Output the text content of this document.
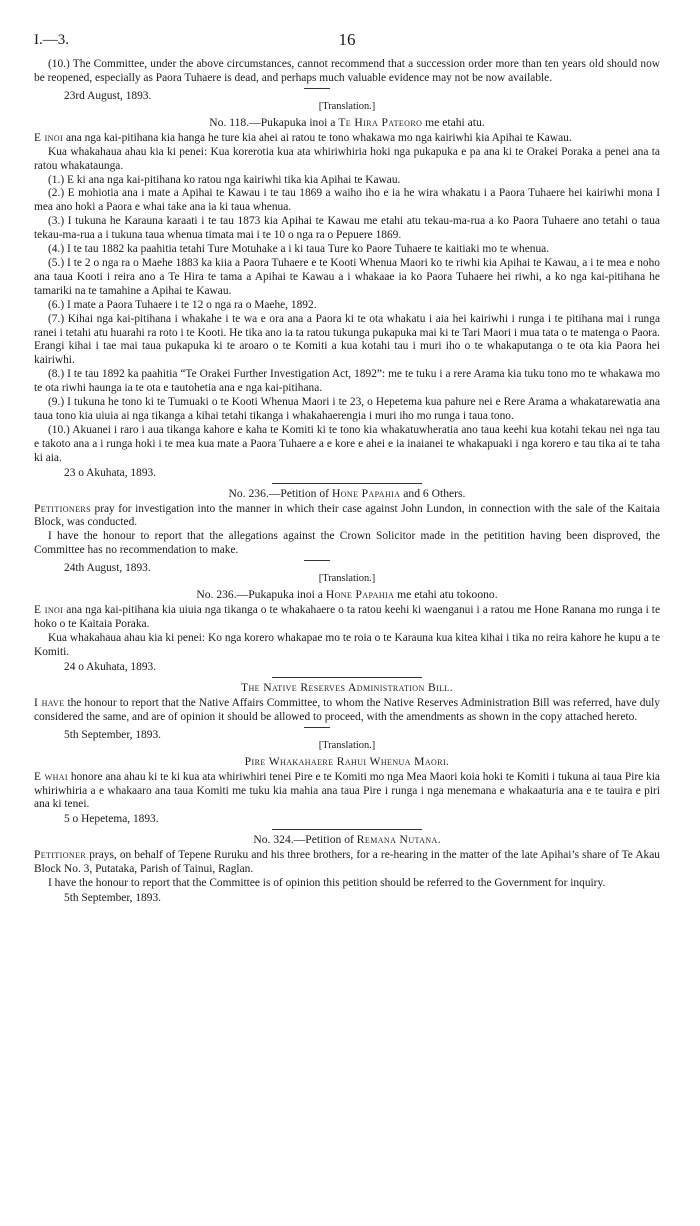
I.—3.	16

(10.) The Committee, under the above circumstances, cannot recommend that a succession order more than ten years old should now be reopened, especially as Paora Tuhaere is dead, and perhaps much valuable evidence may not be now available.

23rd August, 1893.
[Translation.]
No. 118.—Pukapuka inoi a Te Hira Pateoro me etahi atu.

E inoi ana nga kai-pitihana kia hanga he ture kia ahei ai ratou te tono whakawa mo nga kairiwhi kia Apihai te Kawau.

Kua whakahaua ahau kia ki penei: Kua korerotia kua ata whiriwhiria hoki nga pukapuka e pa ana ki te Orakei Poraka a penei ana ta ratou whakataunga.

(1.) E ki ana nga kai-pitihana ko ratou nga kairiwhi tika kia Apihai te Kawau.

(2.) E mohiotia ana i mate a Apihai te Kawau i te tau 1869 a waiho iho e ia he wira whakatu i a Paora Tuhaere hei kairiwhi mona I mea ano hoki a Paora e whai take ana ia ki taua whenua.

(3.) I tukuna he Karauna karaati i te tau 1873 kia Apihai te Kawau me etahi atu tekau-ma-rua a ko Paora Tuhaere ano tetahi o taua tekau-ma-rua a i tukuna taua whenua timata mai i te 10 o nga ra o Pepuere 1869.

(4.) I te tau 1882 ka paahitia tetahi Ture Motuhake a i ki taua Ture ko Paore Tuhaere te kaitiaki mo te whenua.

(5.) I te 2 o nga ra o Maehe 1883 ka kiia a Paora Tuhaere e te Kooti Whenua Maori ko te riwhi kia Apihai te Kawau, a i te mea e noho ana taua Kooti i reira ano a Te Hira te tama a Apihai te Kawau a i whakaae ia ko Paora Tuhaere hei riwhi, a ko nga kai-pitihana he tamariki na te tamahine a Apihai te Kawau.

(6.) I mate a Paora Tuhaere i te 12 o nga ra o Maehe, 1892.

(7.) Kihai nga kai-pitihana i whakahe i te wa e ora ana a Paora ki te ota whakatu i aia hei kairiwhi i runga i te pitihana mai i runga ranei i tetahi atu huarahi ra roto i te Kooti. He tika ano ia ta ratou tukunga pukapuka mai ki te Tari Maori i mua tata o te matenga o Paora. Erangi kihai i tae mai taua pukapuka ki te aroaro o te Komiti a kua kotahi tau i muri iho o te whakaputanga o te ota kia Paora hei kairiwhi.

(8.) I te tau 1892 ka paahitia “Te Orakei Further Investigation Act, 1892”: me te tuku i a rere Arama kia tuku tono mo te whakawa mo te ota riwhi haunga ia te ota e tautohetia ana e nga kai-pitihana.

(9.) I tukuna he tono ki te Tumuaki o te Kooti Whenua Maori i te 23, o Hepetema kua pahure nei e Rere Arama a whakatarewatia ana taua tono kia uiuia ai nga tikanga a kihai tetahi tikanga i whakahaerengia i muri iho mo runga i taua tono.

(10.) Akuanei i raro i aua tikanga kahore e kaha te Komiti ki te tono kia whakatuwheratia ano taua keehi kua kotahi tekau nei nga tau e takoto ana a i runga hoki i te mea kua mate a Paora Tuhaere a e kore e ahei e ia inaianei te whakapuaki i nga korero e tau tika ai te taha ki aia.

23 o Akuhata, 1893.
No. 236.—Petition of Hone Papahia and 6 Others.

Petitioners pray for investigation into the manner in which their case against John Lundon, in connection with the sale of the Kaitaia Block, was conducted.

I have the honour to report that the allegations against the Crown Solicitor made in the petitition having been disproved, the Committee has no recommendation to make.

24th August, 1893.
[Translation.]
No. 236.—Pukapuka inoi a Hone Papahia me etahi atu tokoono.

E inoi ana nga kai-pitihana kia uiuia nga tikanga o te whakahaere o ta ratou keehi ki waenganui i a ratou me Hone Ranana mo runga i te hoko o te Kaitaia Poraka.

Kua whakahaua ahau kia ki penei: Ko nga korero whakapae mo te roia o te Karauna kua kitea kihai i tika no reira kahore he kupu a te Komiti.

24 o Akuhata, 1893.
The Native Reserves Administration Bill.

I have the honour to report that the Native Affairs Committee, to whom the Native Reserves Administration Bill was referred, have duly considered the same, and are of opinion it should be allowed to proceed, with the amendments as shown in the copy attached hereto.

5th September, 1893.
[Translation.]
Pire Whakahaere Rahui Whenua Maori.

E whai honore ana ahau ki te ki kua ata whiriwhiri tenei Pire e te Komiti mo nga Mea Maori koia hoki te Komiti i tukuna ai taua Pire kia whiriwhiria a e whakaaro ana taua Komiti me tuku kia mahia ana taua Pire i runga i nga menemana e whakaaturia ana e te tauira e piri ana ki tenei.

5 o Hepetema, 1893.
No. 324.—Petition of Remana Nutana.

Petitioner prays, on behalf of Tepene Ruruku and his three brothers, for a re-hearing in the matter of the late Apihai’s share of Te Akau Block No. 3, Putataka, Parish of Tainui, Raglan.

I have the honour to report that the Committee is of opinion this petition should be referred to the Government for inquiry.

5th September, 1893.
